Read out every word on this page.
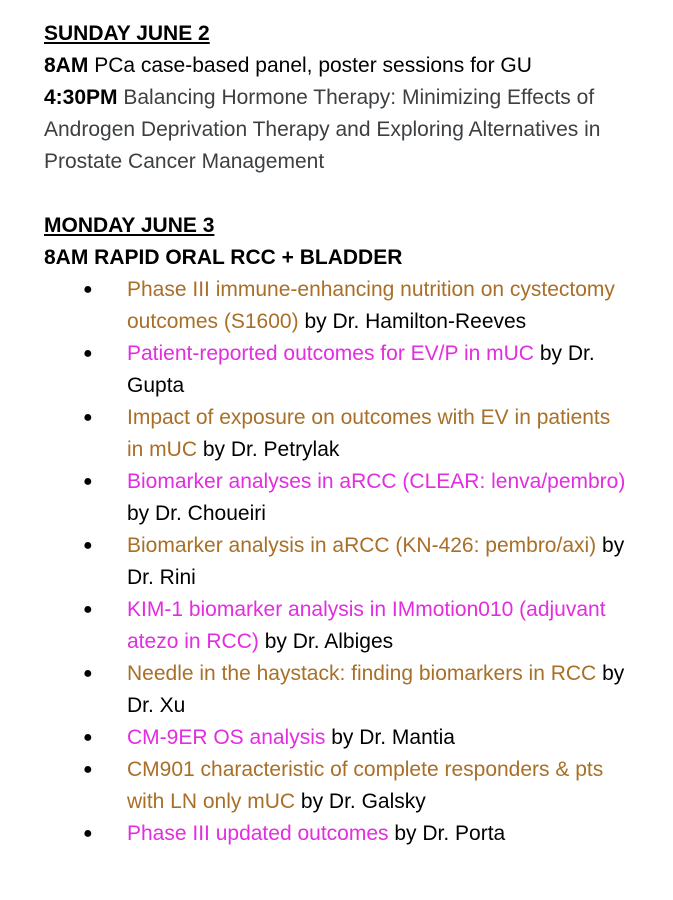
SUNDAY JUNE 2

8AM PCa case-based panel, poster sessions for GU

4:30PM Balancing Hormone Therapy: Minimizing Effects of Androgen Deprivation Therapy and Exploring Alternatives in Prostate Cancer Management

MONDAY JUNE 3

8AM RAPID ORAL RCC + BLADDER

● Phase III immune-enhancing nutrition on cystectomy outcomes (S1600) by Dr. Hamilton-Reeves
● Patient-reported outcomes for EV/P in mUC by Dr. Gupta
● Impact of exposure on outcomes with EV in patients in mUC by Dr. Petrylak
● Biomarker analyses in aRCC (CLEAR: lenva/pembro) by Dr. Choueiri
● Biomarker analysis in aRCC (KN-426: pembro/axi) by Dr. Rini
● KIM-1 biomarker analysis in IMmotion010 (adjuvant atezo in RCC) by Dr. Albiges
● Needle in the haystack: finding biomarkers in RCC by Dr. Xu
● CM-9ER OS analysis by Dr. Mantia
● CM901 characteristic of complete responders & pts with LN only mUC by Dr. Galsky
● Phase III updated outcomes by Dr. Porta
